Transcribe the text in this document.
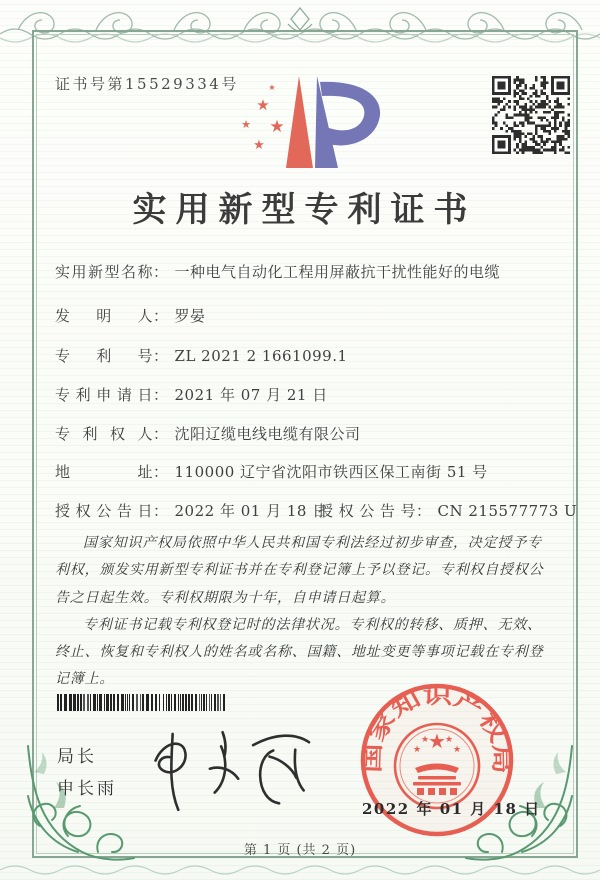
证书号第15529334号
★
★ ★
★
★
实用新型专利证书
实用新型名称： 一种电气自动化工程用屏蔽抗干扰性能好的电缆
发明人： 罗晏
专利号： ZL 2021 2 1661099.1
专利申请日： 2021 年 07 月 21 日
专利权人： 沈阳辽缆电线电缆有限公司
地址： 110000 辽宁省沈阳市铁西区保工南街 51 号
授权公告日： 2022 年 01 月 18 日
授权公告号： CN 215577773 U

国家知识产权局依照中华人民共和国专利法经过初步审查，决定授予专利权，颁发实用新型专利证书并在专利登记簿上予以登记。专利权自授权公告之日起生效。专利权期限为十年，自申请日起算。

专利证书记载专利权登记时的法律状况。专利权的转移、质押、无效、终止、恢复和专利权人的姓名或名称、国籍、地址变更等事项记载在专利登记簿上。

局长
申长雨
国家知识产权局
★
★
★ ★
★
2022 年 01 月 18 日
第 1 页 (共 2 页)
